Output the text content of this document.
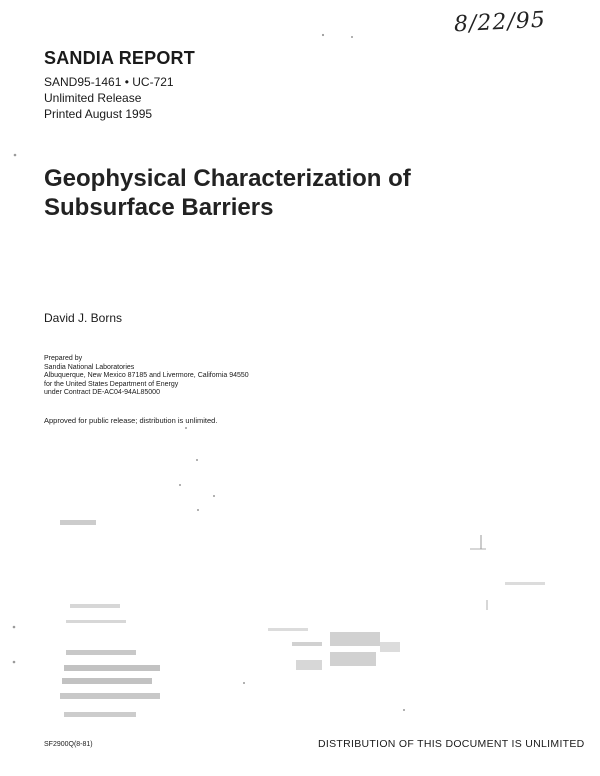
8/22/95
SANDIA REPORT
SAND95-1461 • UC-721
Unlimited Release
Printed August 1995
Geophysical Characterization of
Subsurface Barriers
David J. Borns
Prepared by
Sandia National Laboratories
Albuquerque, New Mexico 87185 and Livermore, California 94550
for the United States Department of Energy
under Contract DE-AC04-94AL85000
Approved for public release; distribution is unlimited.
SF2900Q(8-81)	DISTRIBUTION OF THIS DOCUMENT IS UNLIMITED
